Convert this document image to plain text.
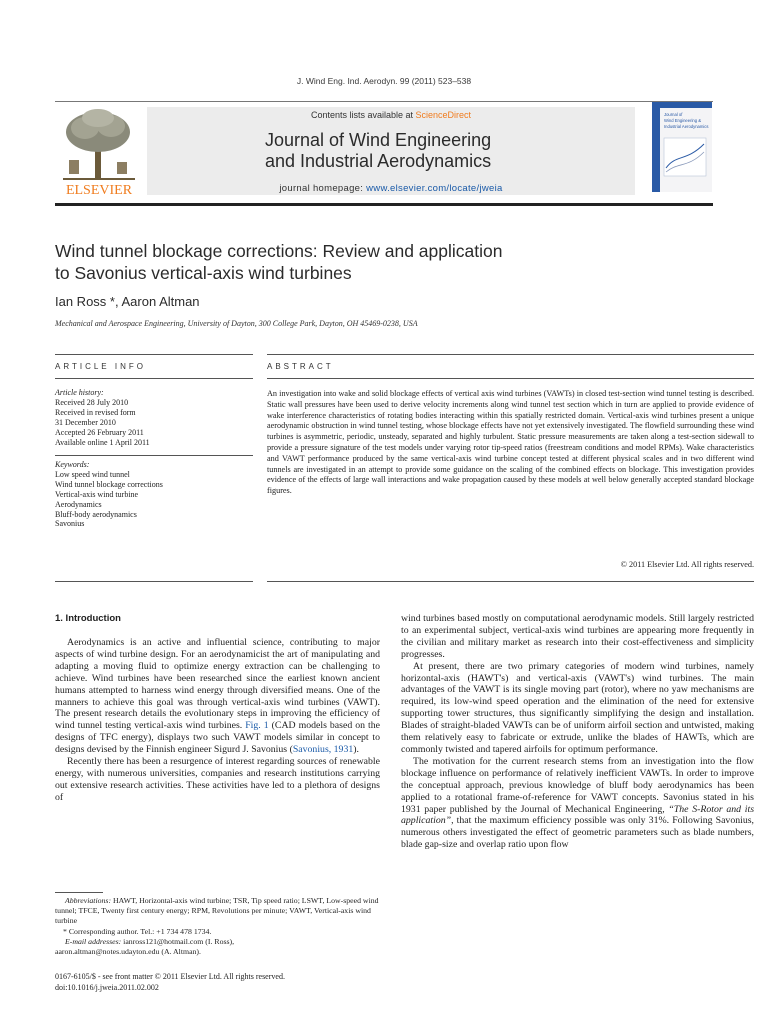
J. Wind Eng. Ind. Aerodyn. 99 (2011) 523–538
ELSEVIER
Contents lists available at ScienceDirect
Journal of Wind Engineering
and Industrial Aerodynamics
journal homepage: www.elsevier.com/locate/jweia
Journal of
Wind Engineering &
Industrial Aerodynamics
Wind tunnel blockage corrections: Review and application
to Savonius vertical-axis wind turbines
Ian Ross *, Aaron Altman
Mechanical and Aerospace Engineering, University of Dayton, 300 College Park, Dayton, OH 45469-0238, USA
ARTICLE INFO	ABSTRACT
Article history:
Received 28 July 2010
Received in revised form
31 December 2010
Accepted 26 February 2011
Available online 1 April 2011
Keywords:
Low speed wind tunnel
Wind tunnel blockage corrections
Vertical-axis wind turbine
Aerodynamics
Bluff-body aerodynamics
Savonius
An investigation into wake and solid blockage effects of vertical axis wind turbines (VAWTs) in closed test-section wind tunnel testing is described. Static wall pressures have been used to derive velocity increments along wind tunnel test section which in turn are applied to provide evidence of wake interference characteristics of rotating bodies interacting within this spatially restricted domain. Vertical-axis wind turbines present a unique aerodynamic obstruction in wind tunnel testing, whose blockage effects have not yet extensively investigated. The flowfield surrounding these wind turbines is asymmetric, periodic, unsteady, separated and highly turbulent. Static pressure measurements are taken along a test-section sidewall to provide a pressure signature of the test models under varying rotor tip-speed ratios (freestream conditions and model RPMs). Wake characteristics and VAWT performance produced by the same vertical-axis wind turbine concept tested at different physical scales and in two different wind tunnels are investigated in an attempt to provide some guidance on the scaling of the combined effects on blockage. This investigation provides evidence of the effects of large wall interactions and wake propagation caused by these models at well below generally accepted standard blockage figures.
© 2011 Elsevier Ltd. All rights reserved.
1. Introduction

Aerodynamics is an active and influential science, contributing to major aspects of wind turbine design. For an aerodynamicist the art of manipulating and adapting a moving fluid to optimize energy extraction can be challenging to achieve. Wind turbines have been researched since the earliest known ancient humans attempted to harness wind energy through diversified means. One of the manners to achieve this goal was through vertical-axis wind turbines (VAWT). The present research details the evolutionary steps in improving the efficiency of wind tunnel testing vertical-axis wind turbines. Fig. 1 (CAD models based on the designs of TFC energy), displays two such VAWT models similar in concept to designs devised by the Finnish engineer Sigurd J. Savonius (Savonius, 1931).

Recently there has been a resurgence of interest regarding sources of renewable energy, with numerous universities, companies and research institutions carrying out extensive research activities. These activities have led to a plethora of designs of

Abbreviations: HAWT, Horizontal-axis wind turbine; TSR, Tip speed ratio; LSWT, Low-speed wind tunnel; TFCE, Twenty first century energy; RPM, Revolutions per minute; VAWT, Vertical-axis wind turbine

* Corresponding author. Tel.: +1 734 478 1734.

E-mail addresses: ianross121@hotmail.com (I. Ross),

aaron.altman@notes.udayton.edu (A. Altman).

0167-6105/$ - see front matter © 2011 Elsevier Ltd. All rights reserved.
doi:10.1016/j.jweia.2011.02.002

wind turbines based mostly on computational aerodynamic models. Still largely restricted to an experimental subject, vertical-axis wind turbines are appearing more frequently in the civilian and military market as research into their cost-effectiveness and simplicity progresses.

At present, there are two primary categories of modern wind turbines, namely horizontal-axis (HAWT's) and vertical-axis (VAWT's) wind turbines. The main advantages of the VAWT is its single moving part (rotor), where no yaw mechanisms are required, its low-wind speed operation and the elimination of the need for extensive supporting tower structures, thus significantly simplifying the design and installation. Blades of straight-bladed VAWTs can be of uniform airfoil section and untwisted, making them relatively easy to fabricate or extrude, unlike the blades of HAWTs, which are commonly twisted and tapered airfoils for optimum performance.

The motivation for the current research stems from an investigation into the flow blockage influence on performance of relatively inefficient VAWTs. In order to improve the conceptual approach, previous knowledge of bluff body aerodynamics has been applied to a rotational frame-of-reference for VAWT concepts. Savonius stated in his 1931 paper published by the Journal of Mechanical Engineering, “The S-Rotor and its application”, that the maximum efficiency possible was only 31%. Following Savonius, numerous others investigated the effect of geometric parameters such as blade numbers, blade gap-size and overlap ratio upon flow
